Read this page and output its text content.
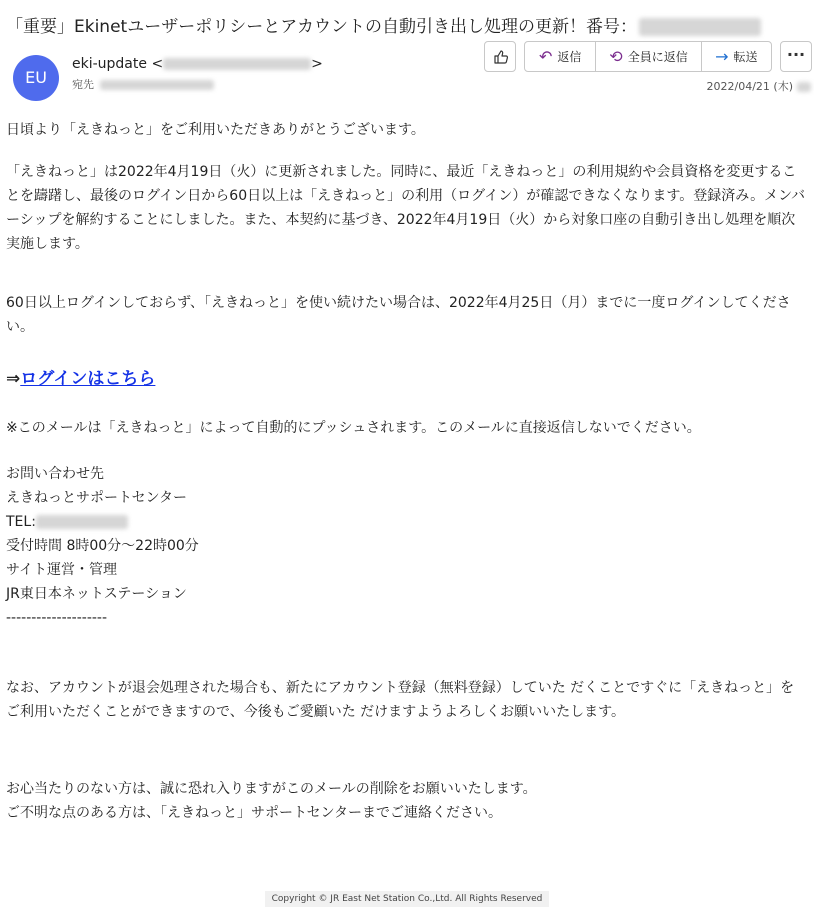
「重要」Ekinetユーザーポリシーとアカウントの自動引き出し処理の更新！番号：
EU
eki-update <	>
宛先
↶ 返信 ⟲ 全員に返信 → 転送	···
2022/04/21 (木)

日頃より「えきねっと」をご利用いただきありがとうございます。

「えきねっと」は2022年4月19日（火）に更新されました。同時に、最近「えきねっと」の利用規約や会員資格を変更することを躊躇し、最後のログイン日から60日以上は「えきねっと」の利用（ログイン）が確認できなくなります。登録済み。メンバーシップを解約することにしました。また、本契約に基づき、2022年4月19日（火）から対象口座の自動引き出し処理を順次実施します。

60日以上ログインしておらず、「えきねっと」を使い続けたい場合は、2022年4月25日（月）までに一度ログインしてください。

⇒ログインはこちら

※このメールは「えきねっと」によって自動的にプッシュされます。このメールに直接返信しないでください。

お問い合わせ先
えきねっとサポートセンター
TEL:
受付時間 8時00分～22時00分
サイト運営・管理
JR東日本ネットステーション
--------------------

なお、アカウントが退会処理された場合も、新たにアカウント登録（無料登録）していた だくことですぐに「えきねっと」をご利用いただくことができますので、今後もご愛顧いた だけますようよろしくお願いいたします。

お心当たりのない方は、誠に恐れ入りますがこのメールの削除をお願いいたします。
ご不明な点のある方は、「えきねっと」サポートセンターまでご連絡ください。
Copyright © JR East Net Station Co.,Ltd. All Rights Reserved
